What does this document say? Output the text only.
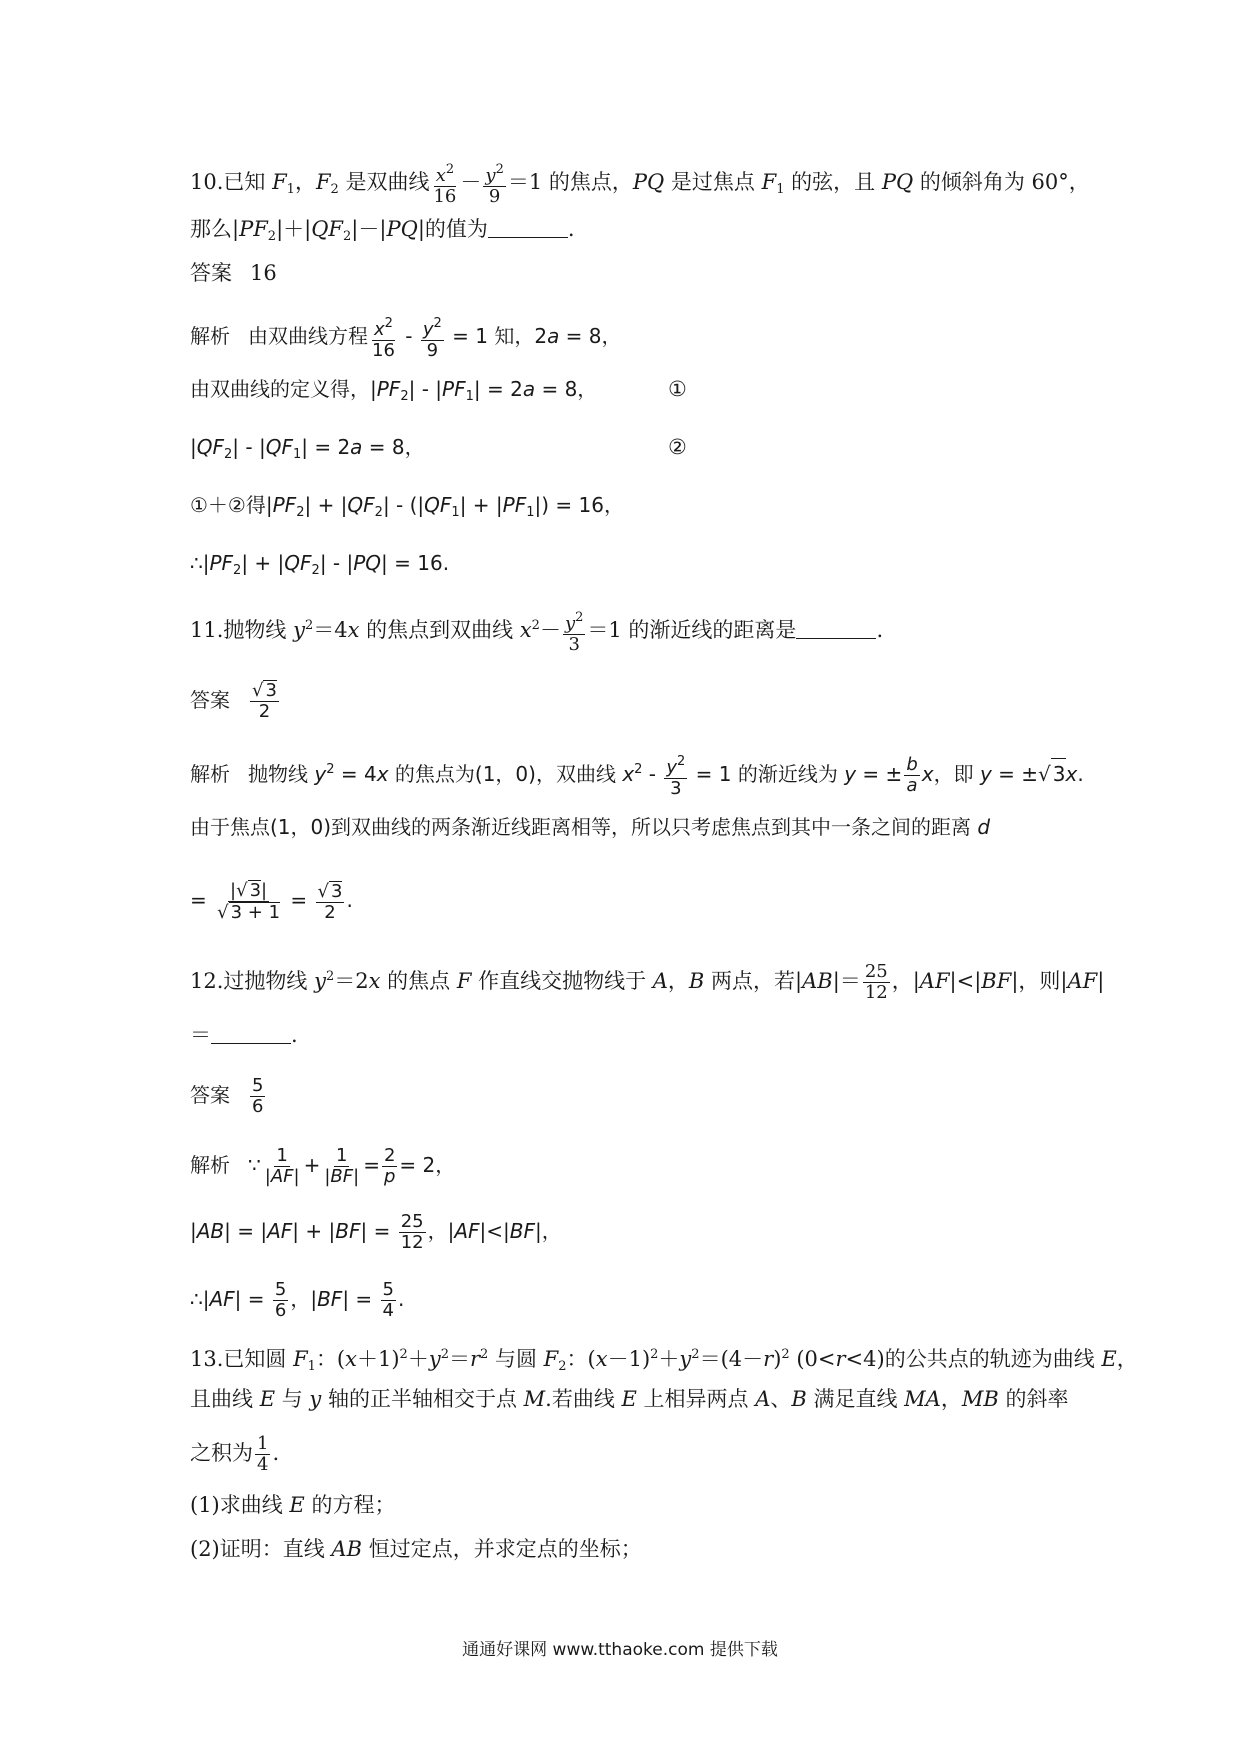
10.已知 $F_1$，$F_2$ 是双曲线 $\frac{x^2}{16} - \frac{y^2}{9} =1$ 的焦点，PQ 是过焦点 $F_1$ 的弦，且 PQ 的倾斜角为 60°，
那么$|PF_2|+|QF_2|-|PQ|$的值为	.
答案 16
解析 由双曲线方程 $\frac{x^2}{16} - \frac{y^2}{9} = 1$ 知，2a = 8，
由双曲线的定义得，$|PF_2| - |PF_1| = 2a = 8$，	①
$|QF_2| - |QF_1| = 2a = 8$，	②
①＋②得$|PF_2| + |QF_2| - (|QF_1| + |PF_1|) = 16$，
$\therefore|PF_2| + |QF_2| - |PQ| = 16$.
11.抛物线 $y^2=4x$ 的焦点到双曲线 $x^2- \frac{y^2}{3} =1$ 的渐近线的距离是	.
答案 $\frac{√ 3}{2}$
解析 抛物线 $y^2 = 4x$ 的焦点为(1，0)，双曲线 $x^2 - \frac{y^2}{3} = 1$ 的渐近线为 y = ± $\frac{b}{a}$ x，即 y = ±√ 3x.
由于焦点(1，0)到双曲线的两条渐近线距离相等，所以只考虑焦点到其中一条之间的距离 d
= $\frac{|√ 3|}{√ 3 + 1} = \frac{√ 3}{2}$ .
12.过抛物线 $y^2=2x$ 的焦点 F 作直线交抛物线于 A，B 两点，若$|AB|= \frac{25}{12}$ ，|AF|<|BF|，则|AF|
＝	.
答案 $\frac{5}{6}$
解析 ∵ $\frac{1}{|AF|} + \frac{1}{|BF|} = \frac{2}{p} = 2$，
$|AB| = |AF| + |BF| = \frac{25}{12}$ ，|AF|<|BF|，
∴|AF| = $\frac{5}{6}$ ，$|BF| = \frac{5}{4}$ .
13.已知圆 $F_1$：$(x+1)^2+y^2=r^2$ 与圆 $F_2$：$(x-1)^2+y^2=(4-r)^2$ (0<r<4)的公共点的轨迹为曲线 E，
且曲线 E 与 y 轴的正半轴相交于点 M.若曲线 E 上相异两点 A、B 满足直线 MA，MB 的斜率
之积为 $\frac{1}{4}$ .
(1)求曲线 E 的方程；
(2)证明：直线 AB 恒过定点，并求定点的坐标；
通通好课网 www.tthaoke.com 提供下载
